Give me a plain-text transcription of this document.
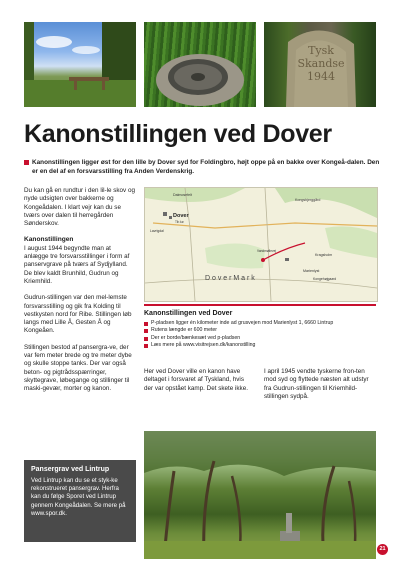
Tysk
Skandse
1944
Kanonstillingen ved Dover
Kanonstillingen ligger øst for den lille by Dover syd for Foldingbro, højt oppe på en bakke over Kongeå-dalen. Den er en del af en forsvarsstilling fra Anden Verdenskrig.

Du kan gå en rundtur i den lil-le skov og nyde udsigten over bakkerne og Kongeådalen. I klart vejr kan du se tværs over dalen til herregården Sønderskov.

Kanonstillingen

I august 1944 begyndte man at anlægge tre forsvarsstillinger i form af panservgrave på tværs af Sydjylland. De blev kaldt Brunhild, Gudrun og Kriemhild.

Gudrun-stillingen var den mel-lemste forsvarsstilling og gik fra Kolding til vestkysten nord for Ribe. Stillingen løb langs med Lille Å, Gesten Å og Kongeåen.

Stillingen bestod af pansergra-ve, der var fem meter brede og tre meter dybe og skulle stoppe tanks. Der var også beton- og pigtrådsspærringer, skyttegrave, løbegange og stillinger til maski-gevær, morter og kanon.

Dalmosefelt
Kongsbjerggård
Dover
Tilr.kø
Lavrigdal
Vandmøllevej
Kragsholm
D o v e r M a r k
Marienlyst
Kongehøjgaard
Kanonstillingen ved Dover
P-pladsen ligger én kilometer inde ad grusvejen mod Marienlyst 1, 6660 Lintrup
Rutens længde er 600 meter
Der er borde/bænkesæt ved p-pladsen
Læs mere på www.visitrejsen.dk/kanonstilling

Her ved Dover ville en kanon have deltaget i forsvaret af Tyskland, hvis der var opstået kamp. Det skete ikke.

I april 1945 vendte tyskerne fron-ten mod syd og flyttede næsten alt udstyr fra Gudrun-stillingen til Kriemhild-stillingen sydpå.

Pansergrav ved Lintrup
Ved Lintrup kan du se et styk-ke rekonstrueret pansergrav. Herfra kan du følge Sporet ved Lintrup gennem Kongeådalen. Se mere på www.spor.dk.
21
